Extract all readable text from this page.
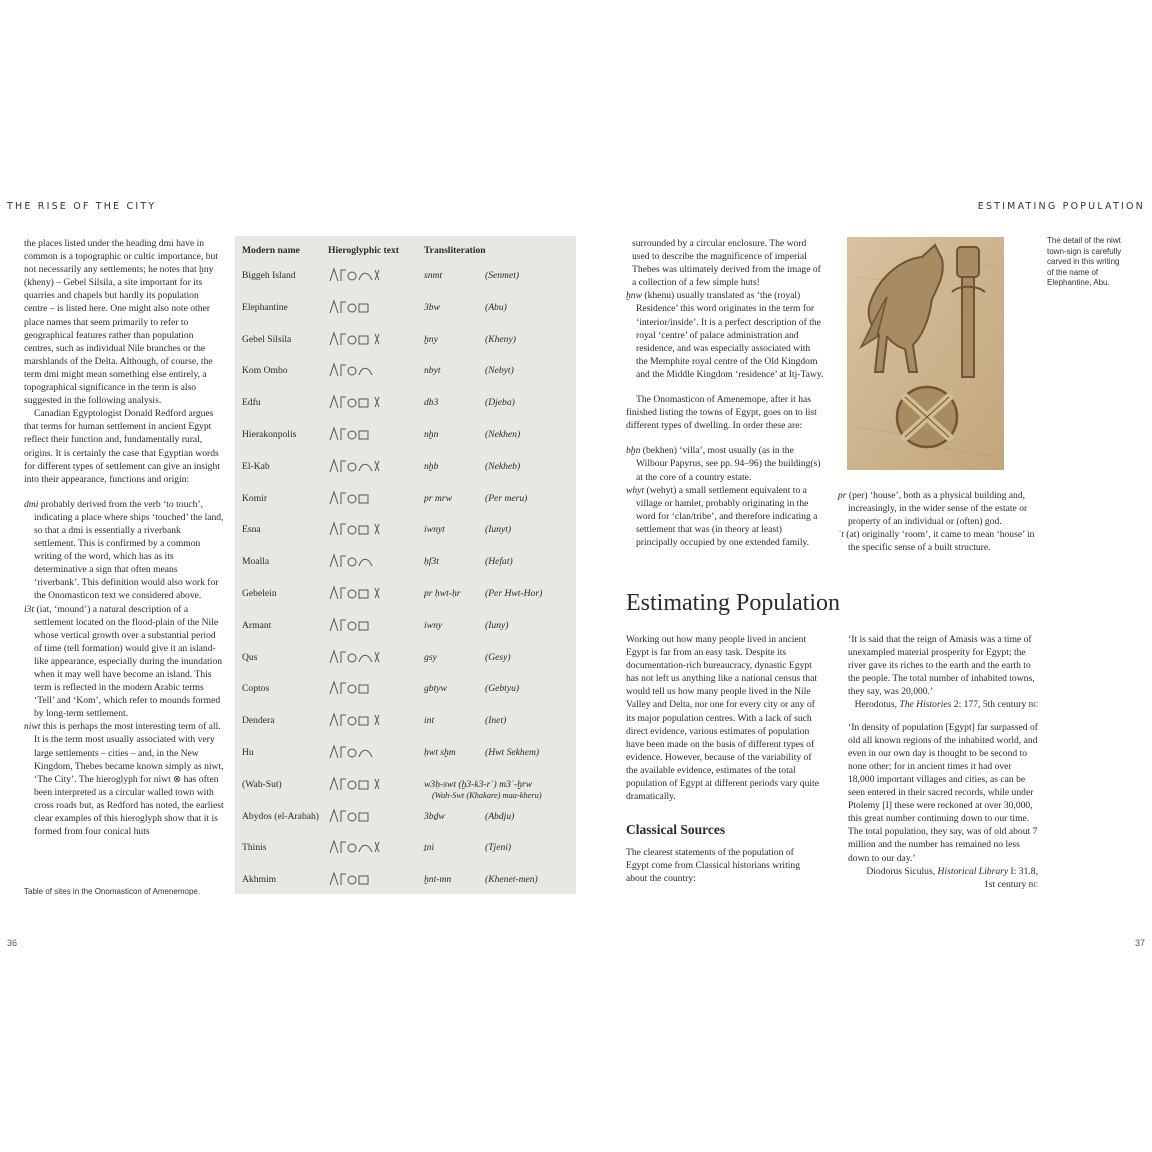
THE RISE OF THE CITY	ESTIMATING POPULATION

the places listed under the heading dmi have in common is a topographic or cultic importance, but not necessarily any settlements; he notes that ḫny (kheny) – Gebel Silsila, a site important for its quarries and chapels but hardly its population centre – is listed here. One might also note other place names that seem primarily to refer to geographical features rather than population centres, such as individual Nile branches or the marshlands of the Delta. Although, of course, the term dmi might mean something else entirely, a topographical significance in the term is also suggested in the following analysis.

Canadian Egyptologist Donald Redford argues that terms for human settlement in ancient Egypt reflect their function and, fundamentally rural, origins. It is certainly the case that Egyptian words for different types of settlement can give an insight into their appearance, functions and origin:

dmi probably derived from the verb ‘to touch’, indicating a place where ships ‘touched’ the land, so that a dmi is essentially a riverbank settlement. This is confirmed by a common writing of the word, which has as its determinative a sign that often means ‘riverbank’. This definition would also work for the Onomasticon text we considered above.

i3t (iat, ‘mound’) a natural description of a settlement located on the flood-plain of the Nile whose vertical growth over a substantial period of time (tell formation) would give it an island-like appearance, especially during the inundation when it may well have become an island. This term is reflected in the modern Arabic terms ‘Tell’ and ‘Kom’, which refer to mounds formed by long-term settlement.

niwt this is perhaps the most interesting term of all. It is the term most usually associated with very large settlements – cities – and, in the New Kingdom, Thebes became known simply as niwt, ‘The City’. The hieroglyph for niwt ⊗ has often been interpreted as a circular walled town with cross roads but, as Redford has noted, the earliest clear examples of this hieroglyph show that it is formed from four conical huts

Table of sites in the Onomasticon of Amenemope.
Modern name	Hieroglyphic text	Transliteration
Biggeh Island	snmt	(Senmet)
Elephantine	3bw	(Abu)
Gebel Silsila	ḫny	(Kheny)
Kom Ombo	nbyt	(Nebyt)
Edfu	db3	(Djeba)
Hierakonpolis	nḫn	(Nekhen)
El-Kab	nḫb	(Nekheb)
Komir	pr mrw	(Per meru)
Esna	iwnyt	(Iunyt)
Moalla	ḥf3t	(Hefat)
Gebelein	pr ḥwt-ḥr	(Per Hwt-Hor)
Armant	iwny	(Iuny)
Qus	gsy	(Gesy)
Coptos	gbtyw	(Gebtyu)
Dendera	int	(Inet)
Hu	ḥwt sḫm	(Hwt Sekhem)
(Wah-Sut)	w3ḥ-swt (ḫ3-k3-rʿ) m3ʿ-ḫrw
(Wah-Swt (Khakare) maa-kheru)
Abydos (el-Arabah)	3bḏw	(Abdju)
Thinis	ṯnì	(Tjeni)
Akhmim	ḫnt-mn	(Khenet-men)

surrounded by a circular enclosure. The word used to describe the magnificence of imperial Thebes was ultimately derived from the image of a collection of a few simple huts!

ḫnw (khenu) usually translated as ‘the (royal) Residence’ this word originates in the term for ‘interior/inside’. It is a perfect description of the royal ‘centre’ of palace administration and residence, and was especially associated with the Memphite royal centre of the Old Kingdom and the Middle Kingdom ‘residence’ at Itj-Tawy.

The Onomasticon of Amenemope, after it has finished listing the towns of Egypt, goes on to list different types of dwelling. In order these are:

bḫn (bekhen) ‘villa’, most usually (as in the Wilbour Papyrus, see pp. 94–96) the building(s) at the core of a country estate.

whyt (wehyt) a small settlement equivalent to a village or hamlet, probably originating in the word for ‘clan/tribe’, and therefore indicating a settlement that was (in theory at least) principally occupied by one extended family.

The detail of the niwt town-sign is carefully carved in this writing of the name of Elephantine, Abu.

pr (per) ‘house’, both as a physical building and, increasingly, in the wider sense of the estate or property of an individual or (often) god.

ʿt (at) originally ‘room’, it came to mean ‘house’ in the specific sense of a built structure.

Estimating Population

Working out how many people lived in ancient Egypt is far from an easy task. Despite its documentation-rich bureaucracy, dynastic Egypt has not left us anything like a national census that would tell us how many people lived in the Nile Valley and Delta, nor one for every city or any of its major population centres. With a lack of such direct evidence, various estimates of population have been made on the basis of different types of evidence. However, because of the variability of the available evidence, estimates of the total population of Egypt at different periods vary quite dramatically.

Classical Sources

The clearest statements of the population of Egypt come from Classical historians writing about the country:

‘It is said that the reign of Amasis was a time of unexampled material prosperity for Egypt; the river gave its riches to the earth and the earth to the people. The total number of inhabited towns, they say, was 20,000.’

Herodotus, The Histories 2: 177, 5th century BC

‘In density of population [Egypt] far surpassed of old all known regions of the inhabited world, and even in our own day is thought to be second to none other; for in ancient times it had over 18,000 important villages and cities, as can be seen entered in their sacred records, while under Ptolemy [I] these were reckoned at over 30,000, this great number continuing down to our time. The total population, they say, was of old about 7 million and the number has remained no less down to our day.’

Diodorus Siculus, Historical Library I: 31.8,

1st century BC

36	37
